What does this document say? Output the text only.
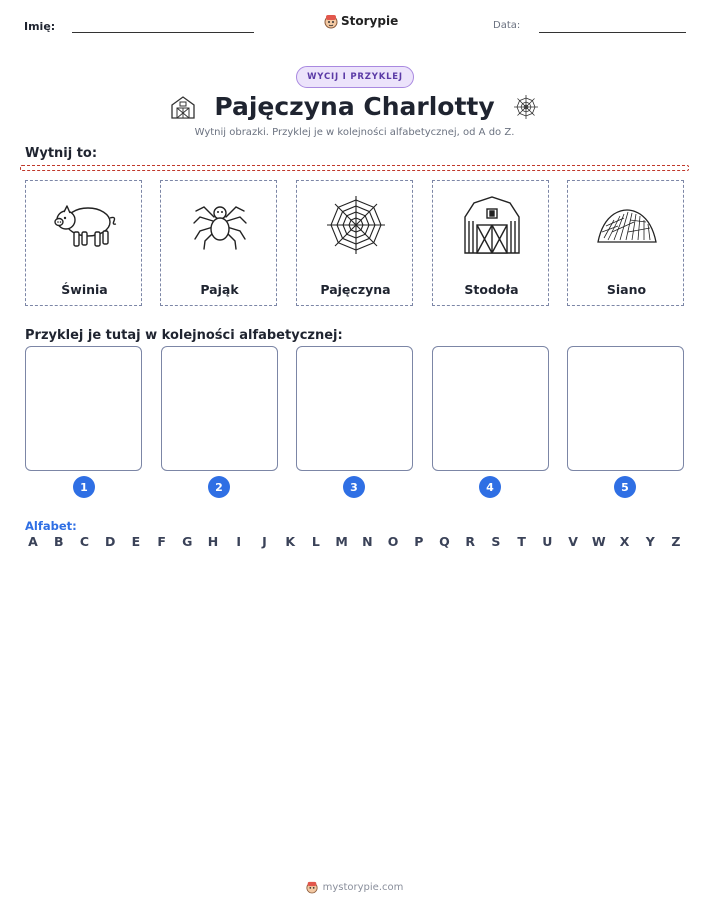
Imię:	Storypie	Data:
WYCIJ I PRZYKLEJ
Pajęczyna Charlotty
Wytnij obrazki. Przyklej je w kolejności alfabetycznej, od A do Z.
Wytnij to:
Świnia	Pająk	Pajęczyna	Stodoła	Siano
Przyklej je tutaj w kolejności alfabetycznej:
1	2	3	4	5
Alfabet:
A B C D E F G H	I	J	K	L	M N O P Q R S T U V W X Y Z
mystorypie.com
